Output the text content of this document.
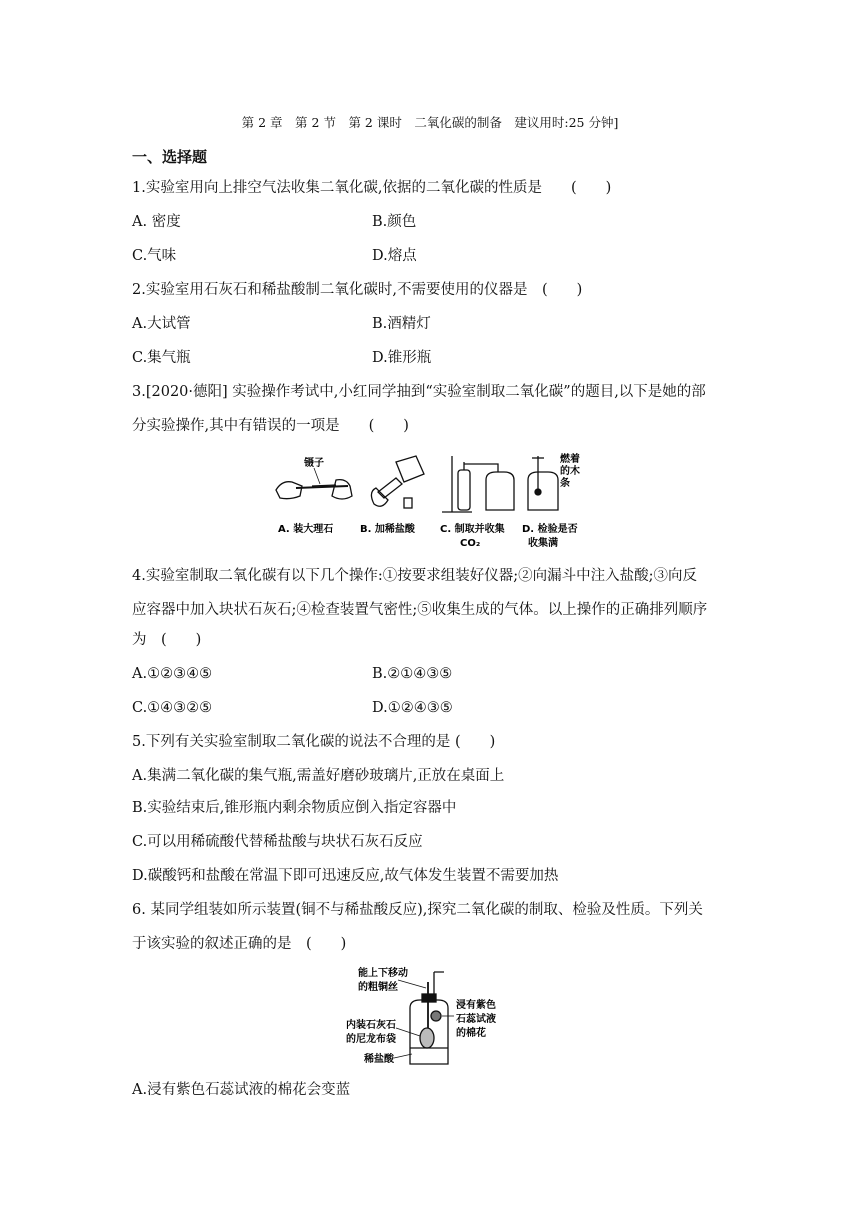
第 2 章　第 2 节　第 2 课时　二氧化碳的制备　建议用时:25 分钟]
一、选择题
1.实验室用向上排空气法收集二氧化碳,依据的二氧化碳的性质是　　(　　)
A. 密度	B.颜色
C.气味	D.熔点
2.实验室用石灰石和稀盐酸制二氧化碳时,不需要使用的仪器是　(　　)
A.大试管	B.酒精灯
C.集气瓶	D.锥形瓶
3.[2020·德阳] 实验操作考试中,小红同学抽到“实验室制取二氧化碳”的题目,以下是她的部
分实验操作,其中有错误的一项是　　(　　)
镊子	燃着
的木
条
A. 装大理石	B. 加稀盐酸	C. 制取并收集
CO₂
D. 检验是否
收集满
4.实验室制取二氧化碳有以下几个操作:①按要求组装好仪器;②向漏斗中注入盐酸;③向反
应容器中加入块状石灰石;④检查装置气密性;⑤收集生成的气体。以上操作的正确排列顺序
为　(　　)
A.①②③④⑤	B.②①④③⑤
C.①④③②⑤	D.①②④③⑤
5.下列有关实验室制取二氧化碳的说法不合理的是 (　　)
A.集满二氧化碳的集气瓶,需盖好磨砂玻璃片,正放在桌面上
B.实验结束后,锥形瓶内剩余物质应倒入指定容器中
C.可以用稀硫酸代替稀盐酸与块状石灰石反应
D.碳酸钙和盐酸在常温下即可迅速反应,故气体发生装置不需要加热
6. 某同学组装如所示装置(铜不与稀盐酸反应),探究二氧化碳的制取、检验及性质。下列关
于该实验的叙述正确的是　(　　)
能上下移动
的粗铜丝
内装石灰石
的尼龙布袋
浸有紫色
石蕊试液
的棉花
稀盐酸
A.浸有紫色石蕊试液的棉花会变蓝
